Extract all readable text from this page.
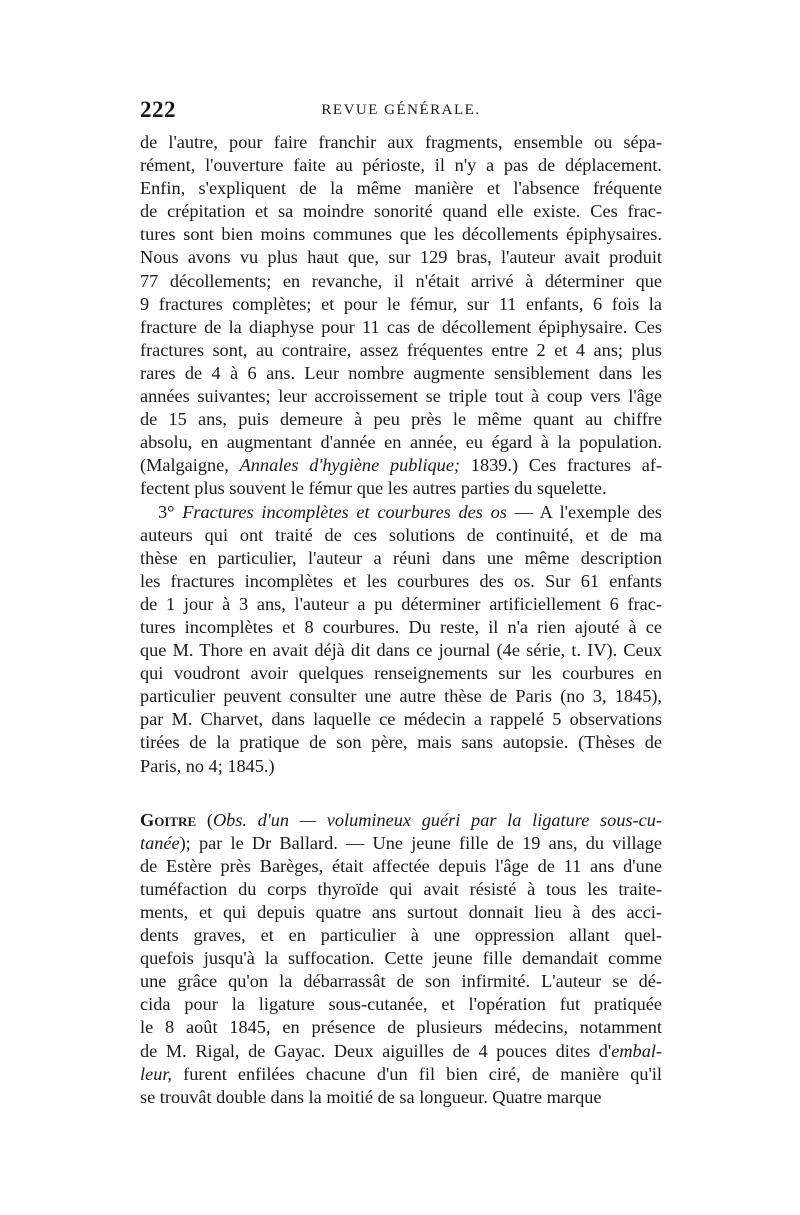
222	REVUE GÉNÉRALE.
de l'autre, pour faire franchir aux fragments, ensemble ou sépa-
rément, l'ouverture faite au périoste, il n'y a pas de déplacement.
Enfin, s'expliquent de la même manière et l'absence fréquente
de crépitation et sa moindre sonorité quand elle existe. Ces frac-
tures sont bien moins communes que les décollements épiphysaires.
Nous avons vu plus haut que, sur 129 bras, l'auteur avait produit
77 décollements; en revanche, il n'était arrivé à déterminer que
9 fractures complètes; et pour le fémur, sur 11 enfants, 6 fois la
fracture de la diaphyse pour 11 cas de décollement épiphysaire. Ces
fractures sont, au contraire, assez fréquentes entre 2 et 4 ans; plus
rares de 4 à 6 ans. Leur nombre augmente sensiblement dans les
années suivantes; leur accroissement se triple tout à coup vers l'âge
de 15 ans, puis demeure à peu près le même quant au chiffre
absolu, en augmentant d'année en année, eu égard à la population.
(Malgaigne, Annales d'hygiène publique; 1839.) Ces fractures af-
fectent plus souvent le fémur que les autres parties du squelette.
3° Fractures incomplètes et courbures des os — A l'exemple des
auteurs qui ont traité de ces solutions de continuité, et de ma
thèse en particulier, l'auteur a réuni dans une même description
les fractures incomplètes et les courbures des os. Sur 61 enfants
de 1 jour à 3 ans, l'auteur a pu déterminer artificiellement 6 frac-
tures incomplètes et 8 courbures. Du reste, il n'a rien ajouté à ce
que M. Thore en avait déjà dit dans ce journal (4e série, t. IV). Ceux
qui voudront avoir quelques renseignements sur les courbures en
particulier peuvent consulter une autre thèse de Paris (no 3, 1845),
par M. Charvet, dans laquelle ce médecin a rappelé 5 observations
tirées de la pratique de son père, mais sans autopsie. (Thèses de
Paris, no 4; 1845.)
Goitre (Obs. d'un — volumineux guéri par la ligature sous-cu-
tanée); par le Dr Ballard. — Une jeune fille de 19 ans, du village
de Estère près Barèges, était affectée depuis l'âge de 11 ans d'une
tuméfaction du corps thyroïde qui avait résisté à tous les traite-
ments, et qui depuis quatre ans surtout donnait lieu à des acci-
dents graves, et en particulier à une oppression allant quel-
quefois jusqu'à la suffocation. Cette jeune fille demandait comme
une grâce qu'on la débarrassât de son infirmité. L'auteur se dé-
cida pour la ligature sous-cutanée, et l'opération fut pratiquée
le 8 août 1845, en présence de plusieurs médecins, notamment
de M. Rigal, de Gayac. Deux aiguilles de 4 pouces dites d'embal-
leur, furent enfilées chacune d'un fil bien ciré, de manière qu'il
se trouvât double dans la moitié de sa longueur. Quatre marque
